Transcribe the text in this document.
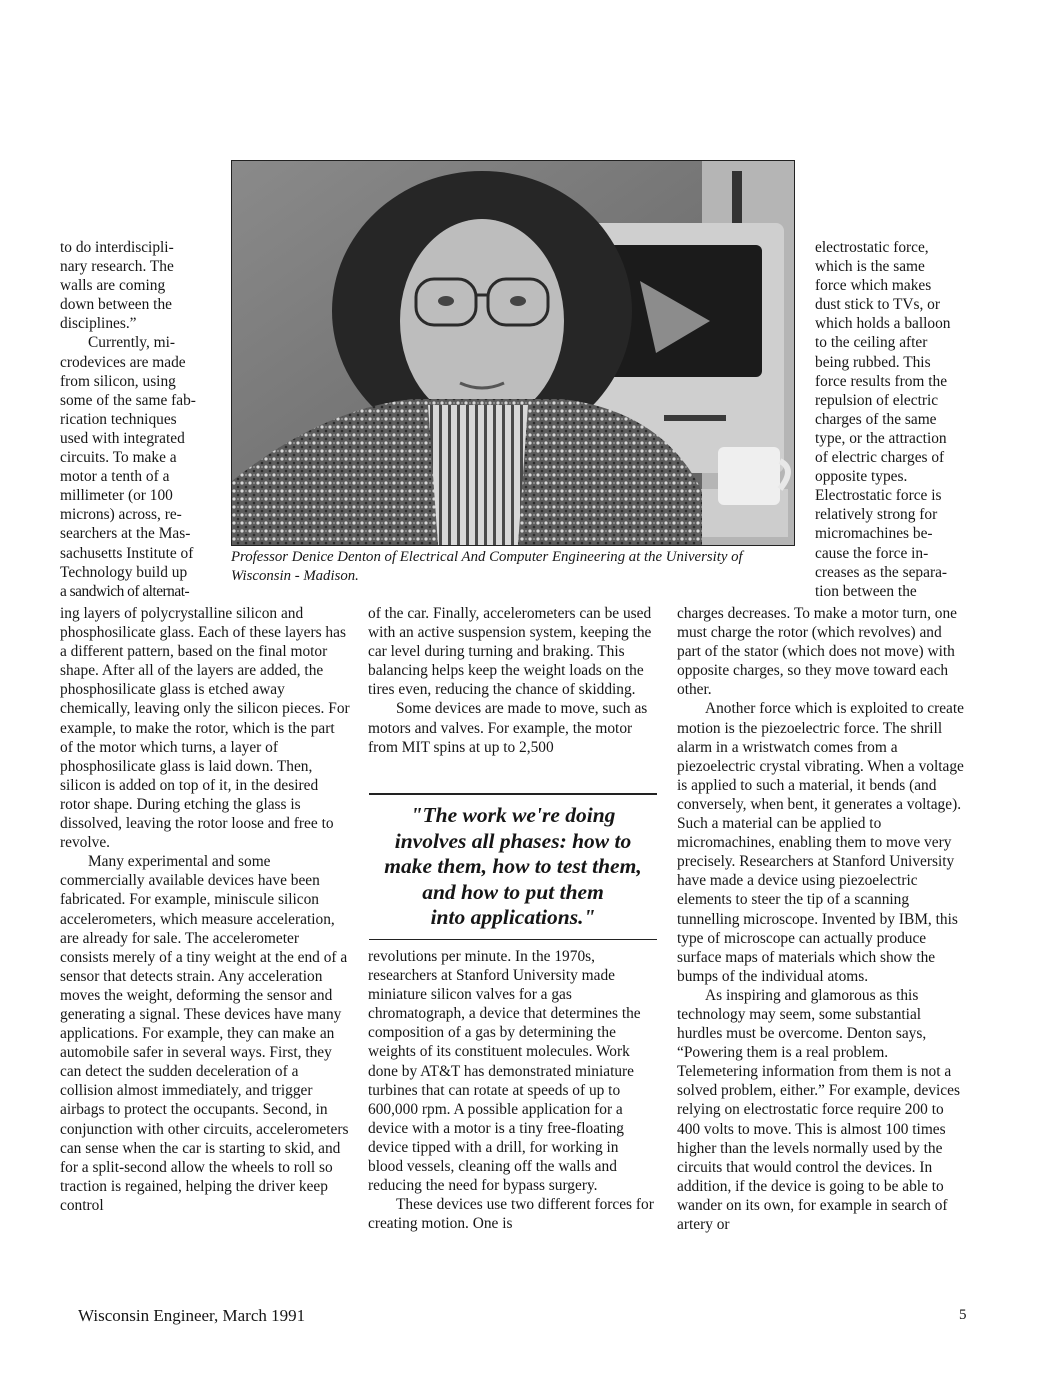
to do interdiscipli-
nary research. The
walls are coming
down between the
disciplines.”
Currently, mi-
crodevices are made
from silicon, using
some of the same fab-
rication techniques
used with integrated
circuits. To make a
motor a tenth of a
millimeter (or 100
microns) across, re-
searchers at the Mas-
sachusetts Institute of
Technology build up
a sandwich of alternat-

ing layers of polycrystalline silicon and phosphosilicate glass. Each of these layers has a different pattern, based on the final motor shape. After all of the layers are added, the phosphosilicate glass is etched away chemically, leaving only the silicon pieces. For example, to make the rotor, which is the part of the motor which turns, a layer of phosphosilicate glass is laid down. Then, silicon is added on top of it, in the desired rotor shape. During etching the glass is dissolved, leaving the rotor loose and free to revolve.

Many experimental and some commercially available devices have been fabricated. For example, miniscule silicon accelerometers, which measure acceleration, are already for sale. The accelerometer consists merely of a tiny weight at the end of a sensor that detects strain. Any acceleration moves the weight, deforming the sensor and generating a signal. These devices have many applications. For example, they can make an automobile safer in several ways. First, they can detect the sudden deceleration of a collision almost immediately, and trigger airbags to protect the occupants. Second, in conjunction with other circuits, accelerometers can sense when the car is starting to skid, and for a split-second allow the wheels to roll so traction is regained, helping the driver keep control

Professor Denice Denton of Electrical And Computer Engineering at the University of Wisconsin - Madison.

of the car. Finally, accelerometers can be used with an active suspension system, keeping the car level during turning and braking. This balancing helps keep the weight loads on the tires even, reducing the chance of skidding.

Some devices are made to move, such as motors and valves. For example, the motor from MIT spins at up to 2,500

"The work we're doing
involves all phases: how to
make them, how to test them,
and how to put them
into applications."

revolutions per minute. In the 1970s, researchers at Stanford University made miniature silicon valves for a gas chromatograph, a device that determines the composition of a gas by determining the weights of its constituent molecules. Work done by AT&T has demonstrated miniature turbines that can rotate at speeds of up to 600,000 rpm. A possible application for a device with a motor is a tiny free-floating device tipped with a drill, for working in blood vessels, cleaning off the walls and reducing the need for bypass surgery.

These devices use two different forces for creating motion. One is

electrostatic force,
which is the same
force which makes
dust stick to TVs, or
which holds a balloon
to the ceiling after
being rubbed. This
force results from the
repulsion of electric
charges of the same
type, or the attraction
of electric charges of
opposite types.
Electrostatic force is
relatively strong for
micromachines be-
cause the force in-
creases as the separa-
tion between the

charges decreases. To make a motor turn, one must charge the rotor (which revolves) and part of the stator (which does not move) with opposite charges, so they move toward each other.

Another force which is exploited to create motion is the piezoelectric force. The shrill alarm in a wristwatch comes from a piezoelectric crystal vibrating. When a voltage is applied to such a material, it bends (and conversely, when bent, it generates a voltage). Such a material can be applied to micromachines, enabling them to move very precisely. Researchers at Stanford University have made a device using piezoelectric elements to steer the tip of a scanning tunnelling microscope. Invented by IBM, this type of microscope can actually produce surface maps of materials which show the bumps of the individual atoms.

As inspiring and glamorous as this technology may seem, some substantial hurdles must be overcome. Denton says, “Powering them is a real problem. Telemetering information from them is not a solved problem, either.” For example, devices relying on electrostatic force require 200 to 400 volts to move. This is almost 100 times higher than the levels normally used by the circuits that would control the devices. In addition, if the device is going to be able to wander on its own, for example in search of artery or

Wisconsin Engineer, March 1991	5
